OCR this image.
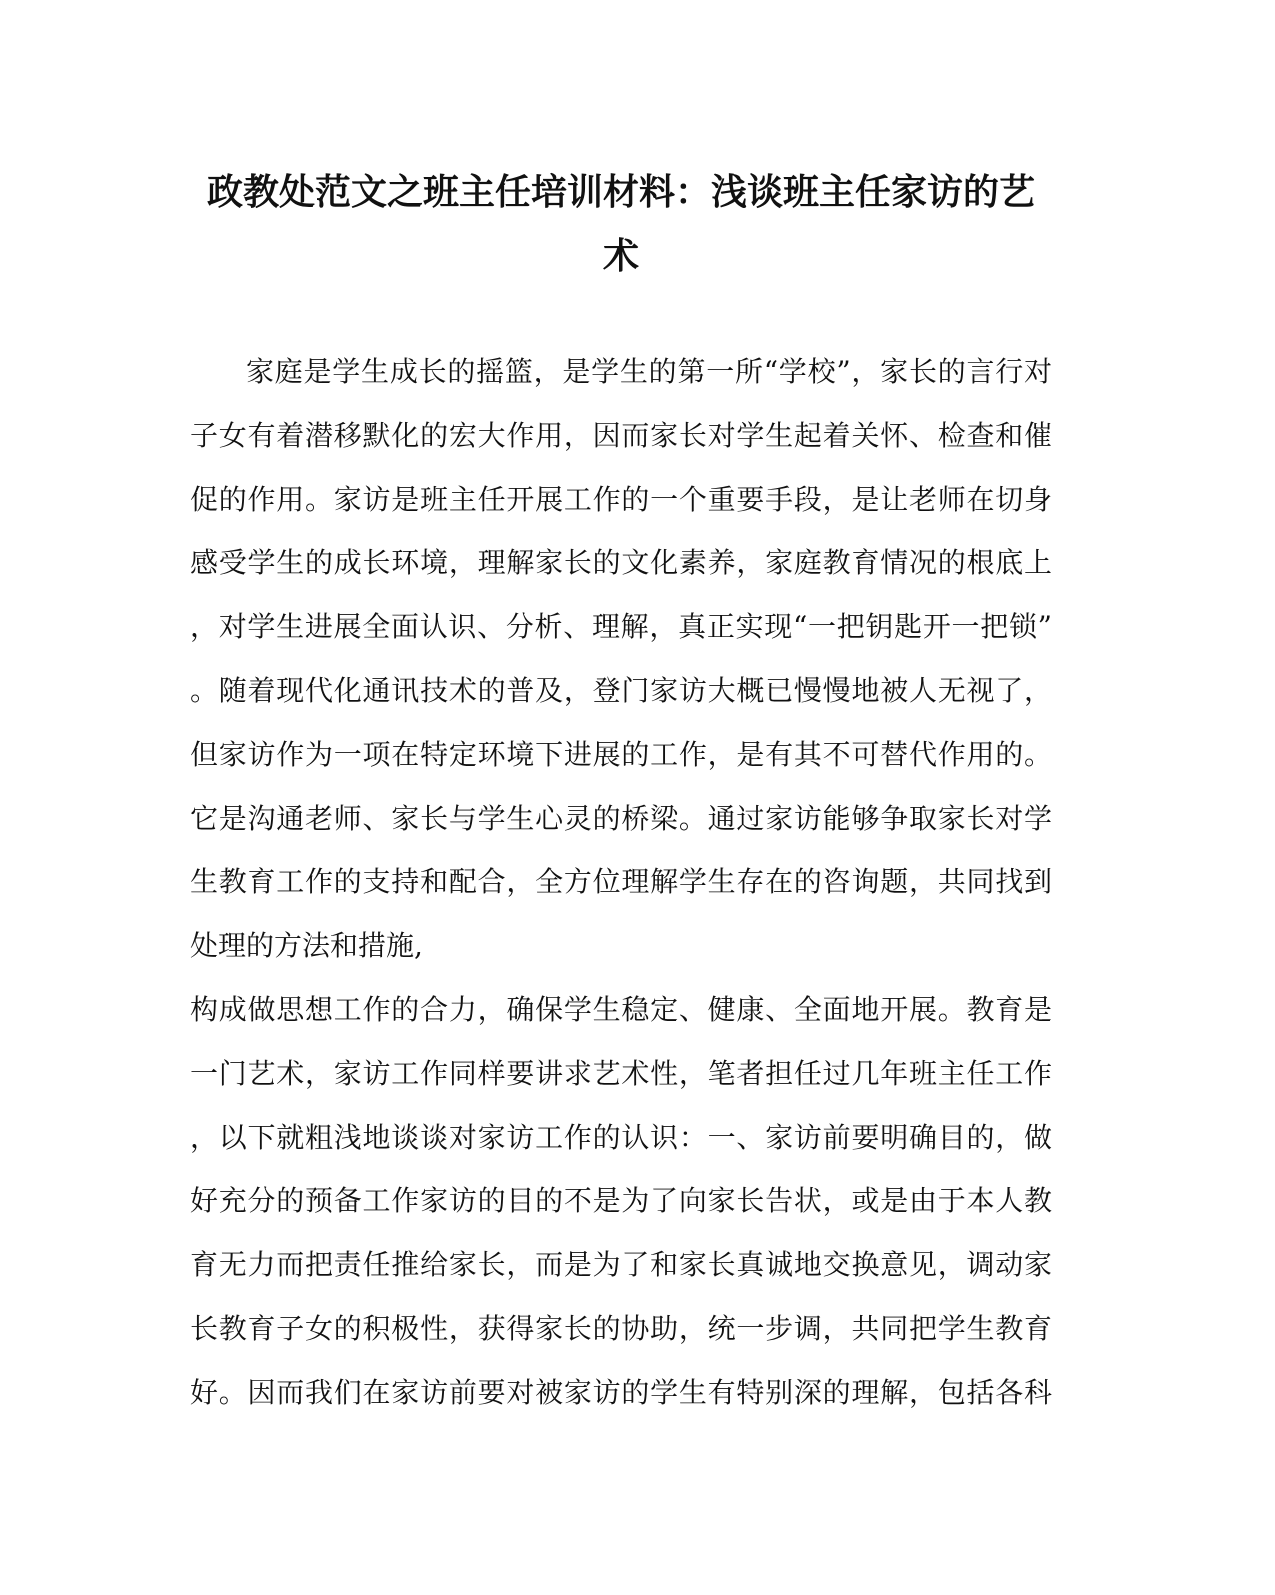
政教处范文之班主任培训材料：浅谈班主任家访的艺
术
家庭是学生成长的摇篮，是学生的第一所“学校”，家长的言行对
子女有着潜移默化的宏大作用，因而家长对学生起着关怀、检查和催
促的作用。家访是班主任开展工作的一个重要手段，是让老师在切身
感受学生的成长环境，理解家长的文化素养，家庭教育情况的根底上
，对学生进展全面认识、分析、理解，真正实现“一把钥匙开一把锁”
。随着现代化通讯技术的普及，登门家访大概已慢慢地被人无视了，
但家访作为一项在特定环境下进展的工作，是有其不可替代作用的。
它是沟通老师、家长与学生心灵的桥梁。通过家访能够争取家长对学
生教育工作的支持和配合，全方位理解学生存在的咨询题，共同找到
处理的方法和措施,
构成做思想工作的合力，确保学生稳定、健康、全面地开展。教育是
一门艺术，家访工作同样要讲求艺术性，笔者担任过几年班主任工作
，以下就粗浅地谈谈对家访工作的认识：一、家访前要明确目的，做
好充分的预备工作家访的目的不是为了向家长告状，或是由于本人教
育无力而把责任推给家长，而是为了和家长真诚地交换意见，调动家
长教育子女的积极性，获得家长的协助，统一步调，共同把学生教育
好。因而我们在家访前要对被家访的学生有特别深的理解，包括各科
